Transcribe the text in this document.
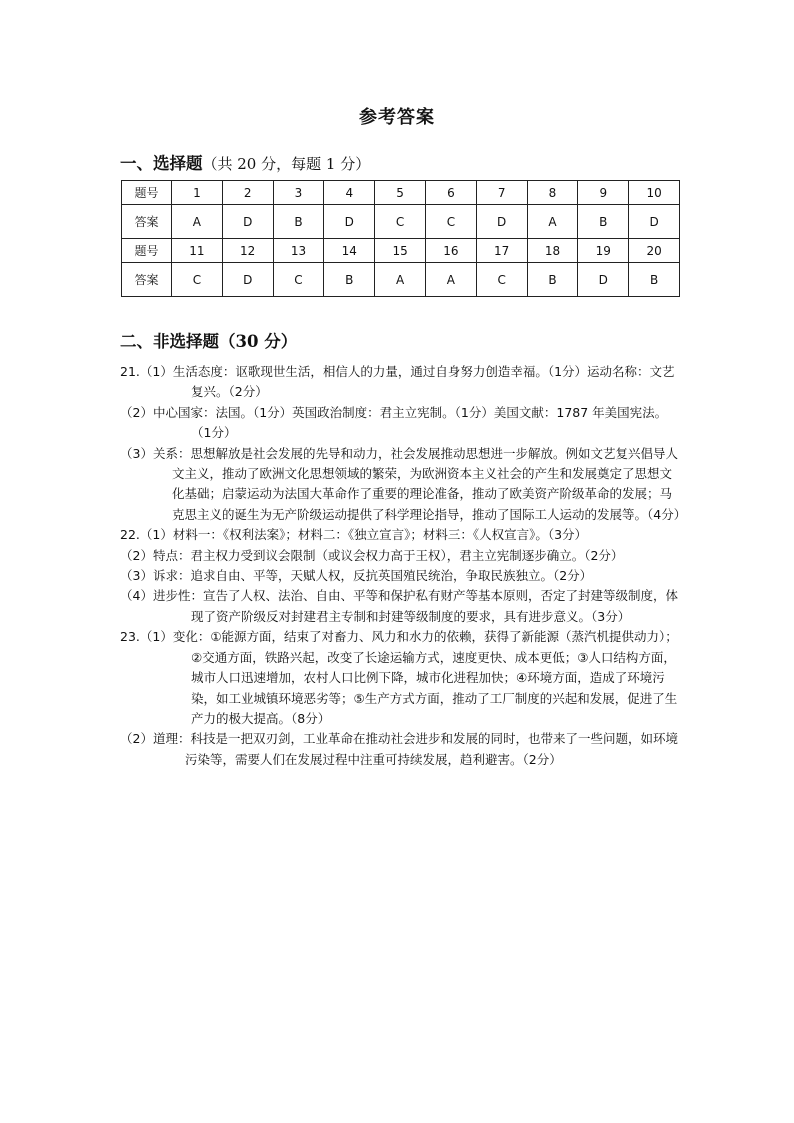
参考答案
一、选择题（共 20 分，每题 1 分）
题号	1	2	3	4	5	6	7	8	9	10
答案	A	D	B	D	C	C	D	A	B	D
题号	11	12	13	14	15	16	17	18	19	20
答案	C	D	C	B	A	A	C	B	D	B
二、非选择题（30 分）
21.（1）生活态度：讴歌现世生活，相信人的力量，通过自身努力创造幸福。（1分）运动名称：文艺复兴。（2分）
（2）中心国家：法国。（1分）英国政治制度：君主立宪制。（1分）美国文献：1787 年美国宪法。（1分）
（3）关系：思想解放是社会发展的先导和动力，社会发展推动思想进一步解放。例如文艺复兴倡导人文主义，推动了欧洲文化思想领域的繁荣，为欧洲资本主义社会的产生和发展奠定了思想文化基础；启蒙运动为法国大革命作了重要的理论准备，推动了欧美资产阶级革命的发展；马克思主义的诞生为无产阶级运动提供了科学理论指导，推动了国际工人运动的发展等。（4分）
22.（1）材料一：《权利法案》；材料二：《独立宣言》；材料三：《人权宣言》。（3分）
（2）特点：君主权力受到议会限制（或议会权力高于王权），君主立宪制逐步确立。（2分）
（3）诉求：追求自由、平等，天赋人权，反抗英国殖民统治，争取民族独立。（2分）
（4）进步性：宣告了人权、法治、自由、平等和保护私有财产等基本原则，否定了封建等级制度，体现了资产阶级反对封建君主专制和封建等级制度的要求，具有进步意义。（3分）
23.（1）变化：①能源方面，结束了对畜力、风力和水力的依赖，获得了新能源（蒸汽机提供动力）；②交通方面，铁路兴起，改变了长途运输方式，速度更快、成本更低；③人口结构方面，城市人口迅速增加，农村人口比例下降，城市化进程加快；④环境方面，造成了环境污染，如工业城镇环境恶劣等；⑤生产方式方面，推动了工厂制度的兴起和发展，促进了生产力的极大提高。（8分）
（2）道理：科技是一把双刃剑，工业革命在推动社会进步和发展的同时，也带来了一些问题，如环境污染等，需要人们在发展过程中注重可持续发展，趋利避害。（2分）
